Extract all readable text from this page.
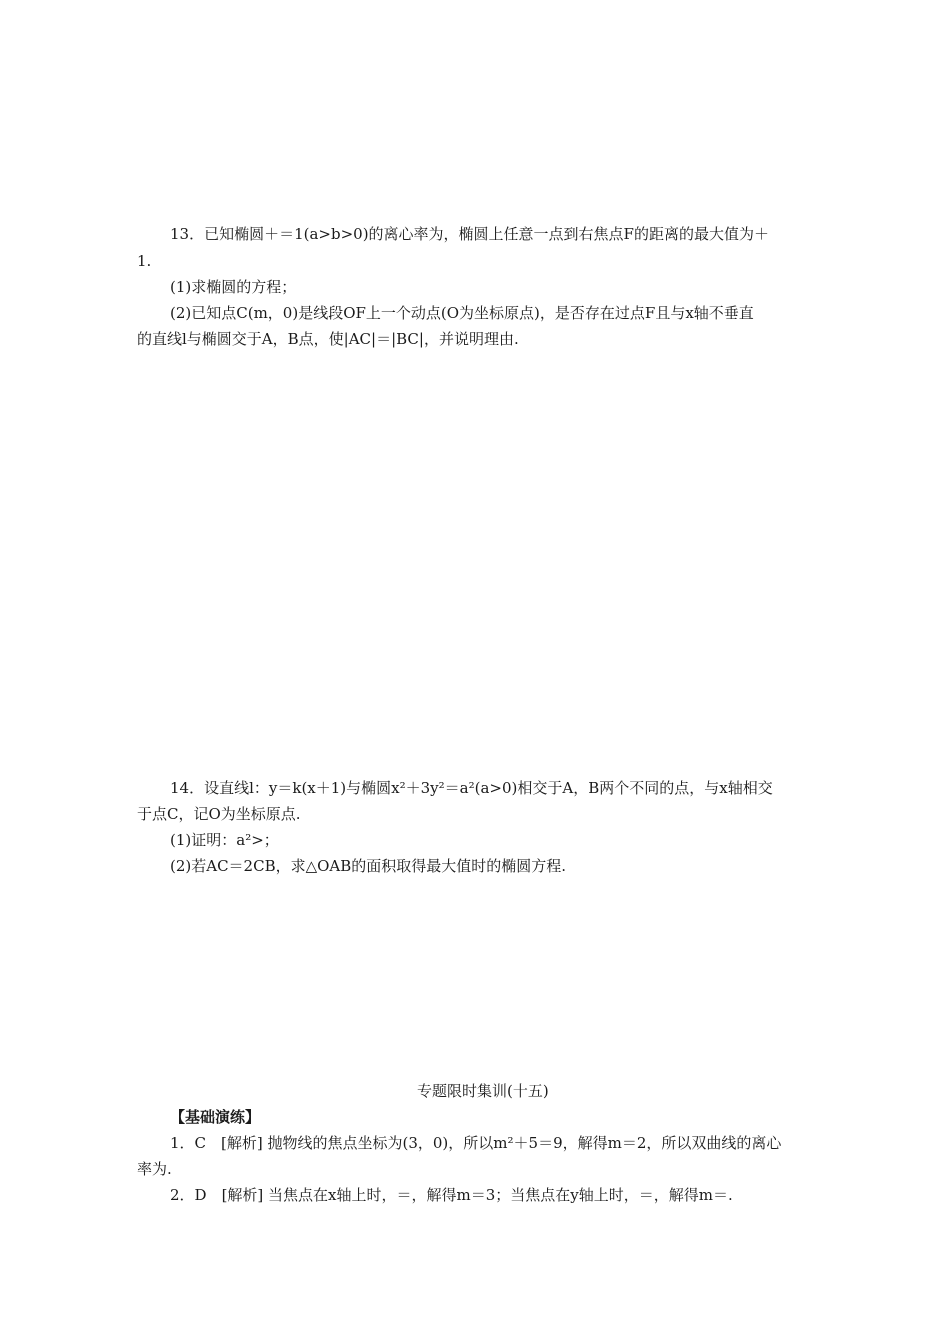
13．已知椭圆＋＝1(a>b>0)的离心率为，椭圆上任意一点到右焦点F的距离的最大值为＋
1.
(1)求椭圆的方程；
(2)已知点C(m，0)是线段OF上一个动点(O为坐标原点)，是否存在过点F且与x轴不垂直
的直线l与椭圆交于A，B点，使|AC|＝|BC|，并说明理由.
14．设直线l：y＝k(x＋1)与椭圆x²＋3y²＝a²(a>0)相交于A，B两个不同的点，与x轴相交
于点C，记O为坐标原点.
(1)证明：a²>；
(2)若AC＝2CB，求△OAB的面积取得最大值时的椭圆方程.
专题限时集训(十五)
【基础演练】
1．C　[解析] 抛物线的焦点坐标为(3，0)，所以m²＋5＝9，解得m＝2，所以双曲线的离心
率为.
2．D　[解析] 当焦点在x轴上时，＝，解得m＝3；当焦点在y轴上时，＝，解得m＝.
